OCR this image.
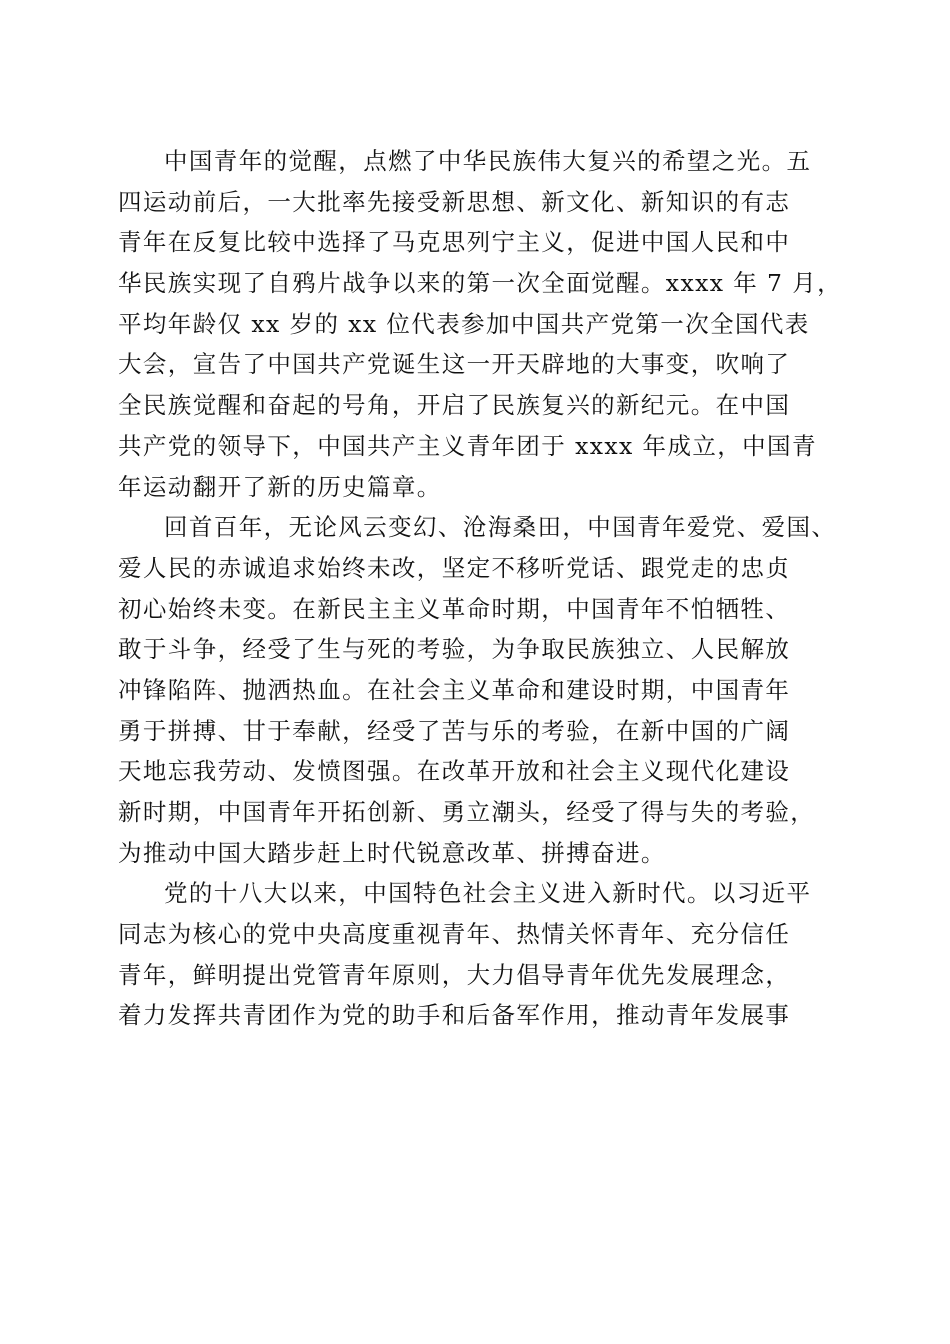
中国青年的觉醒，点燃了中华民族伟大复兴的希望之光。五
四运动前后，一大批率先接受新思想、新文化、新知识的有志
青年在反复比较中选择了马克思列宁主义，促进中国人民和中
华民族实现了自鸦片战争以来的第一次全面觉醒。xxxx 年 7 月，
平均年龄仅 xx 岁的 xx 位代表参加中国共产党第一次全国代表
大会，宣告了中国共产党诞生这一开天辟地的大事变，吹响了
全民族觉醒和奋起的号角，开启了民族复兴的新纪元。在中国
共产党的领导下，中国共产主义青年团于 xxxx 年成立，中国青
年运动翻开了新的历史篇章。
回首百年，无论风云变幻、沧海桑田，中国青年爱党、爱国、
爱人民的赤诚追求始终未改，坚定不移听党话、跟党走的忠贞
初心始终未变。在新民主主义革命时期，中国青年不怕牺牲、
敢于斗争，经受了生与死的考验，为争取民族独立、人民解放
冲锋陷阵、抛洒热血。在社会主义革命和建设时期，中国青年
勇于拼搏、甘于奉献，经受了苦与乐的考验，在新中国的广阔
天地忘我劳动、发愤图强。在改革开放和社会主义现代化建设
新时期，中国青年开拓创新、勇立潮头，经受了得与失的考验，
为推动中国大踏步赶上时代锐意改革、拼搏奋进。
党的十八大以来，中国特色社会主义进入新时代。以习近平
同志为核心的党中央高度重视青年、热情关怀青年、充分信任
青年，鲜明提出党管青年原则，大力倡导青年优先发展理念，
着力发挥共青团作为党的助手和后备军作用，推动青年发展事
